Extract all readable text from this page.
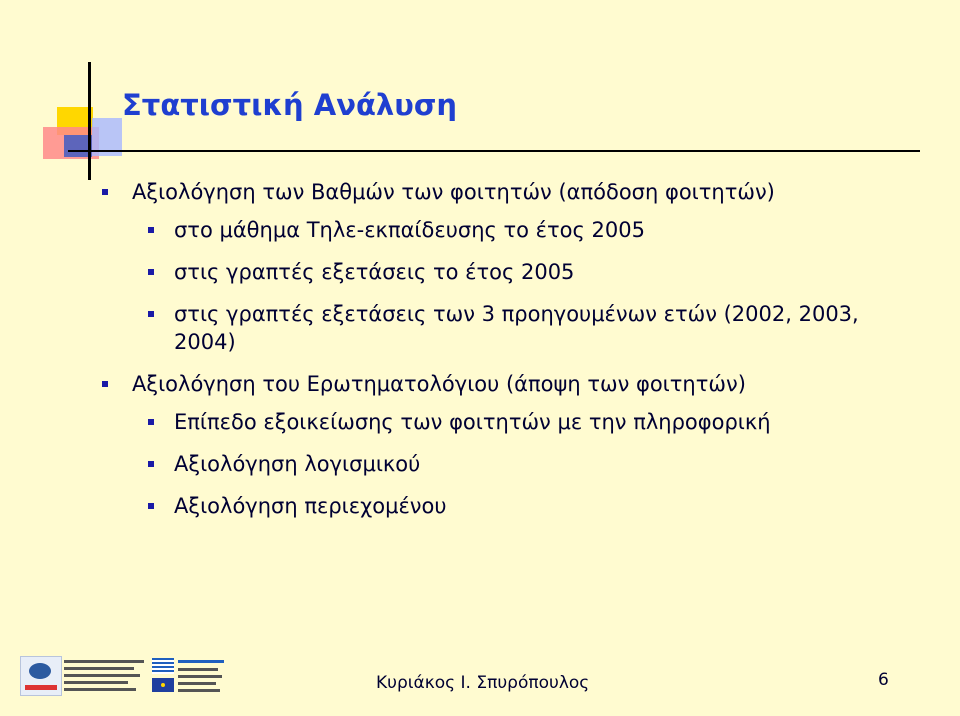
Στατιστική Ανάλυση
Αξιολόγηση των Βαθμών των φοιτητών (απόδοση φοιτητών)
στο μάθημα Τηλε-εκπαίδευσης το έτος 2005
στις γραπτές εξετάσεις το έτος 2005
στις γραπτές εξετάσεις των 3 προηγουμένων ετών (2002, 2003, 2004)
Αξιολόγηση του Ερωτηματολόγιου (άποψη των φοιτητών)
Επίπεδο εξοικείωσης των φοιτητών με την πληροφορική
Αξιολόγηση λογισμικού
Αξιολόγηση περιεχομένου
Κυριάκος Ι. Σπυρόπουλος	6
